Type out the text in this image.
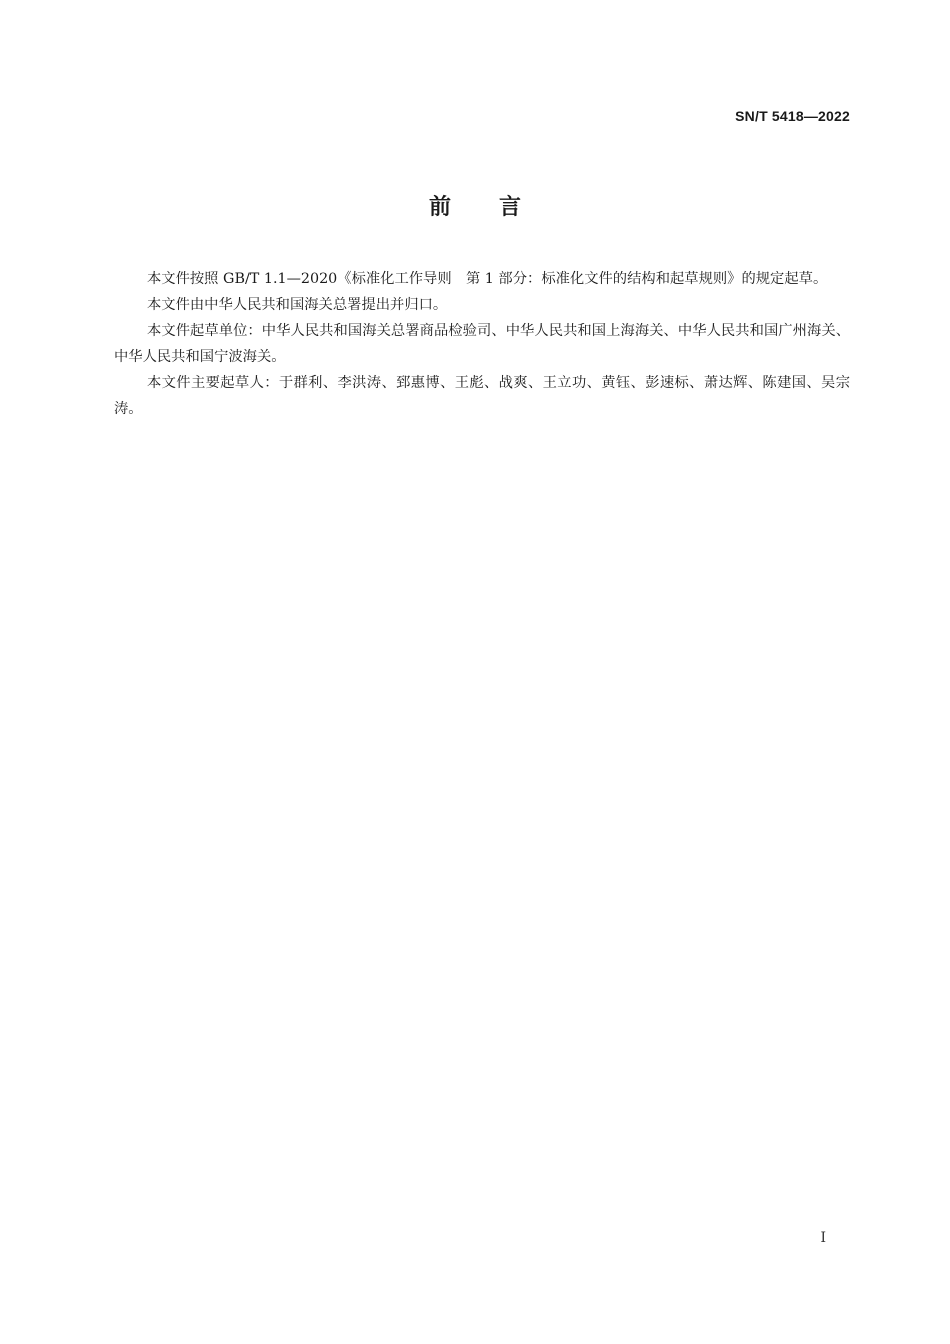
SN/T 5418—2022
前言

本文件按照 GB/T 1.1—2020《标准化工作导则　第 1 部分：标准化文件的结构和起草规则》的规定起草。

本文件由中华人民共和国海关总署提出并归口。

本文件起草单位：中华人民共和国海关总署商品检验司、中华人民共和国上海海关、中华人民共和国广州海关、中华人民共和国宁波海关。

本文件主要起草人：于群利、李洪涛、郅惠博、王彪、战爽、王立功、黄钰、彭速标、萧达辉、陈建国、吴宗涛。

I
